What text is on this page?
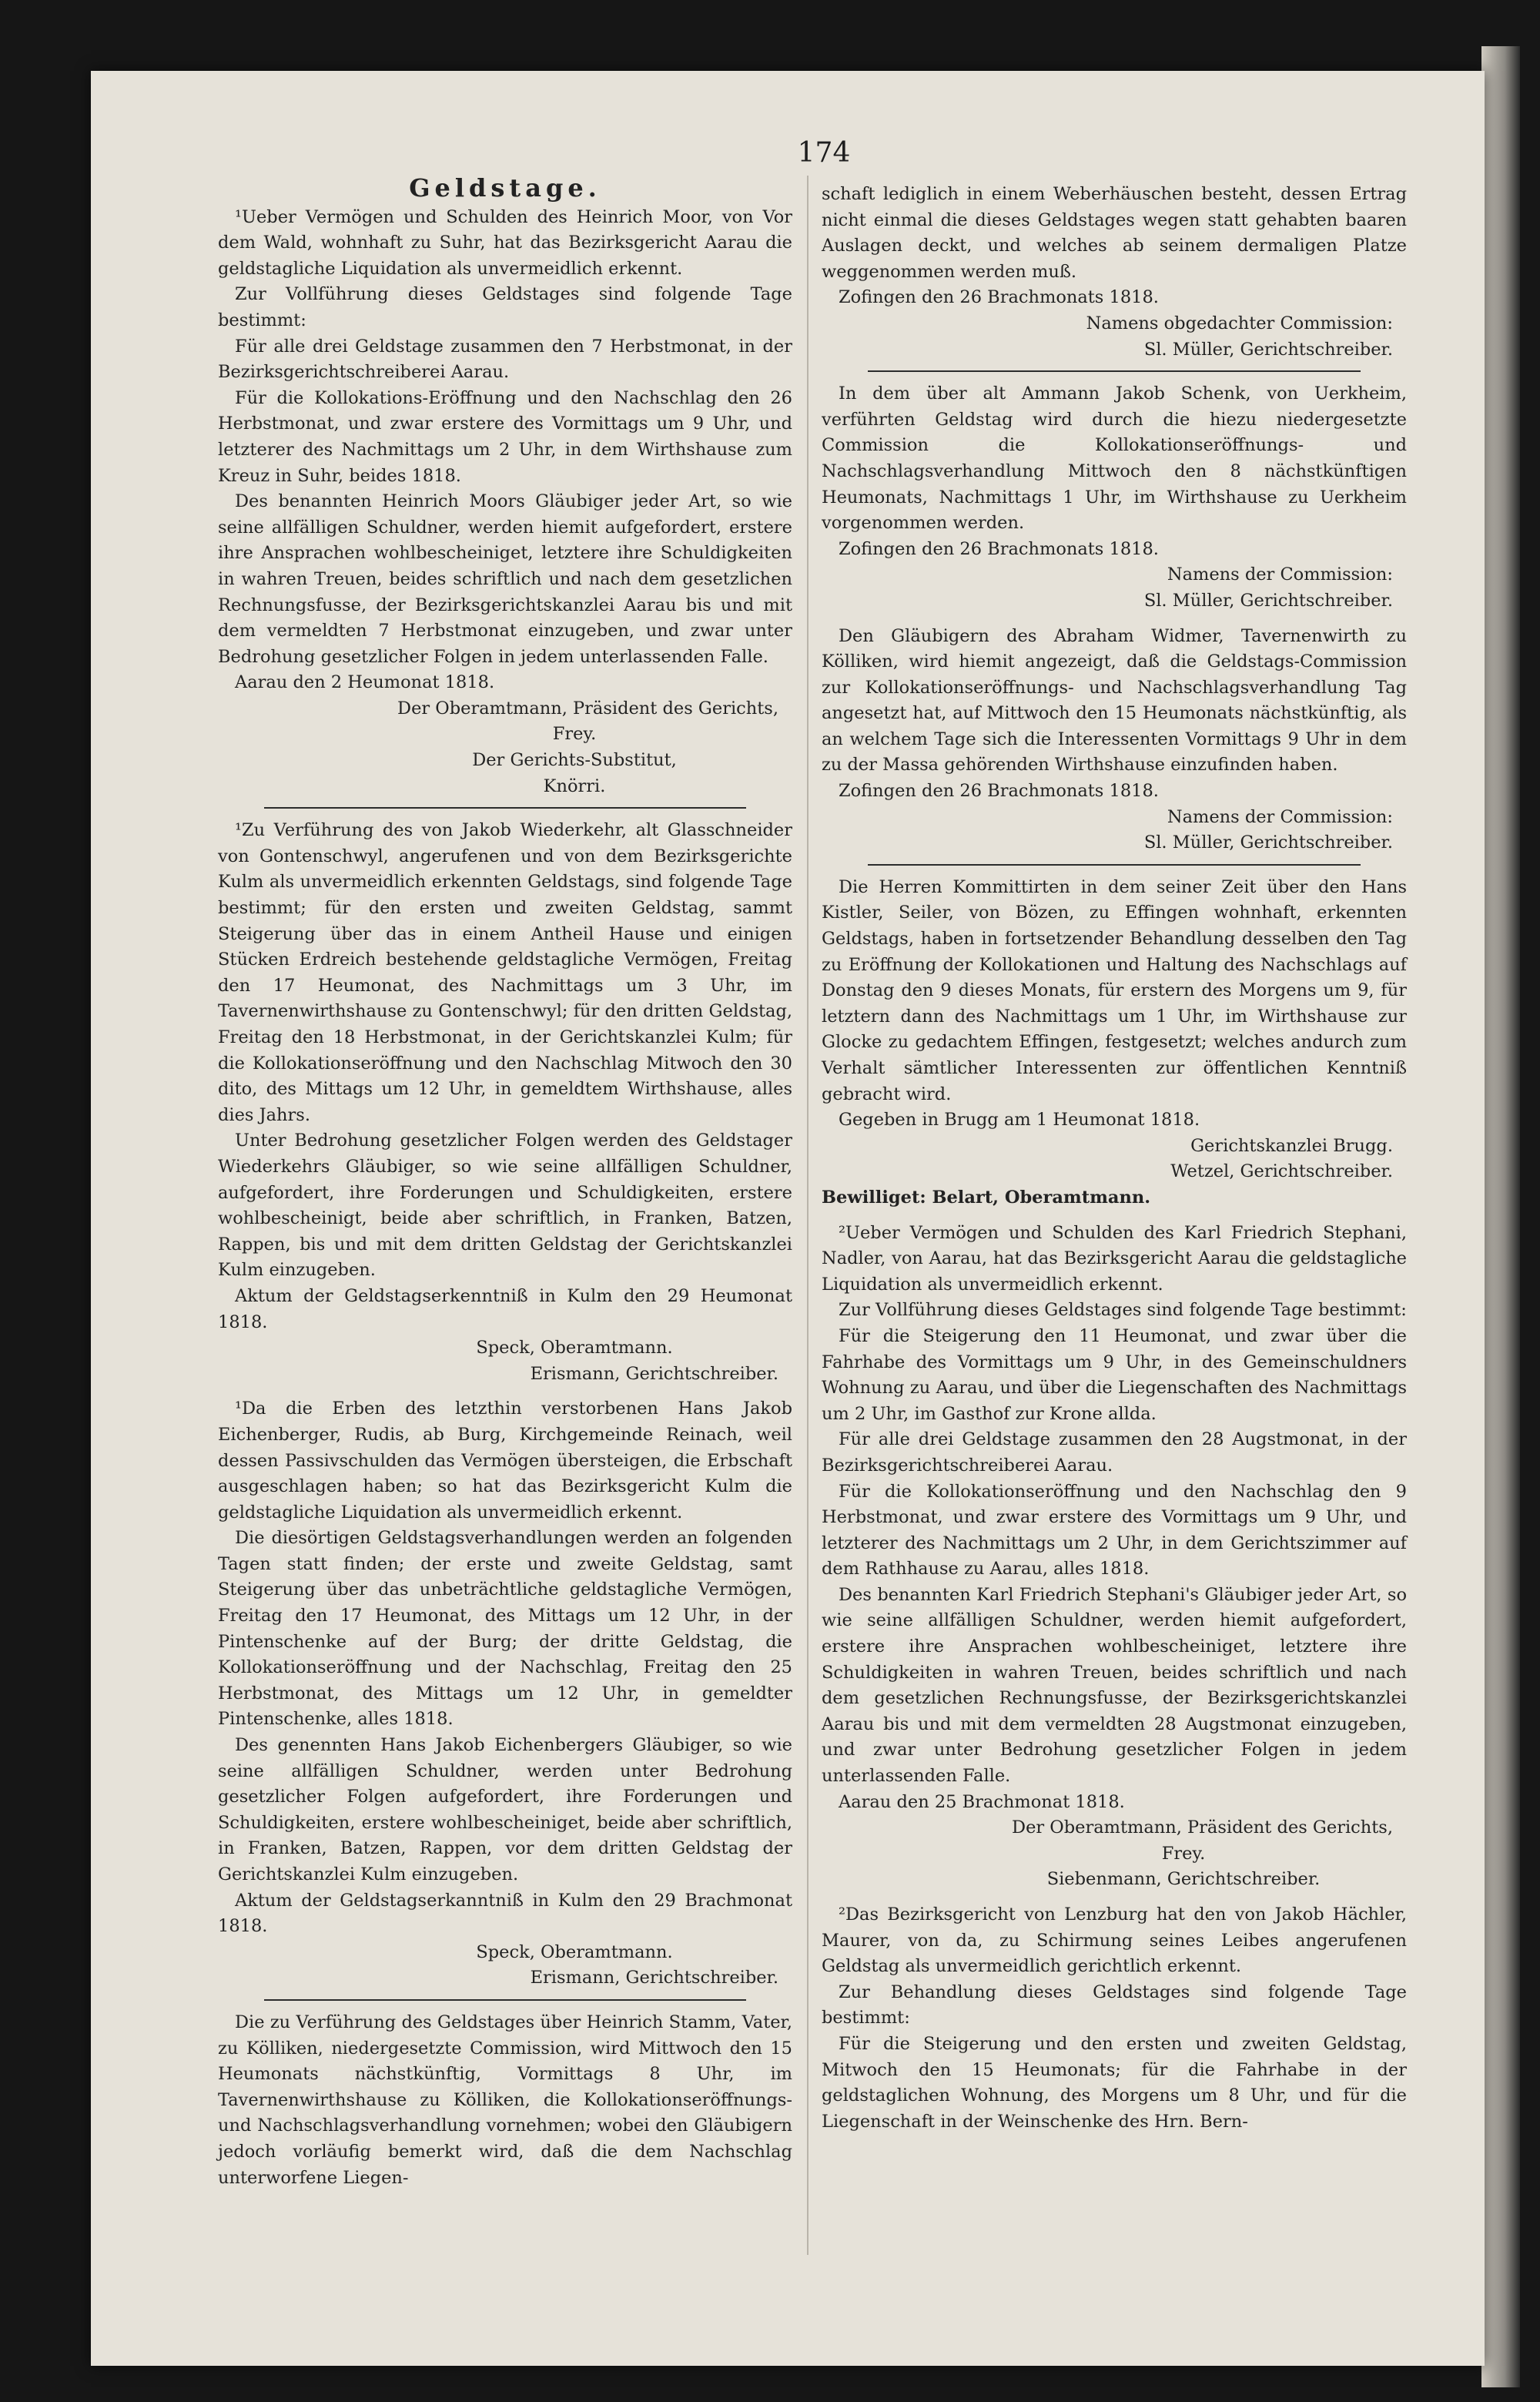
174

Geldstage.

¹Ueber Vermögen und Schulden des Heinrich Moor, von Vor dem Wald, wohnhaft zu Suhr, hat das Bezirksgericht Aarau die geldstagliche Liquidation als unvermeidlich erkennt.

Zur Vollführung dieses Geldstages sind folgende Tage bestimmt:

Für alle drei Geldstage zusammen den 7 Herbstmonat, in der Bezirksgerichtschreiberei Aarau.

Für die Kollokations-Eröffnung und den Nachschlag den 26 Herbstmonat, und zwar erstere des Vormittags um 9 Uhr, und letzterer des Nachmittags um 2 Uhr, in dem Wirthshause zum Kreuz in Suhr, beides 1818.

Des benannten Heinrich Moors Gläubiger jeder Art, so wie seine allfälligen Schuldner, werden hiemit aufgefordert, erstere ihre Ansprachen wohlbescheiniget, letztere ihre Schuldigkeiten in wahren Treuen, beides schriftlich und nach dem gesetzlichen Rechnungsfusse, der Bezirksgerichtskanzlei Aarau bis und mit dem vermeldten 7 Herbstmonat einzugeben, und zwar unter Bedrohung gesetzlicher Folgen in jedem unterlassenden Falle.

Aarau den 2 Heumonat 1818.

Der Oberamtmann, Präsident des Gerichts,

Frey.

Der Gerichts-Substitut,

Knörri.

¹Zu Verführung des von Jakob Wiederkehr, alt Glasschneider von Gontenschwyl, angerufenen und von dem Bezirksgerichte Kulm als unvermeidlich erkennten Geldstags, sind folgende Tage bestimmt; für den ersten und zweiten Geldstag, sammt Steigerung über das in einem Antheil Hause und einigen Stücken Erdreich bestehende geldstagliche Vermögen, Freitag den 17 Heumonat, des Nachmittags um 3 Uhr, im Tavernenwirthshause zu Gontenschwyl; für den dritten Geldstag, Freitag den 18 Herbstmonat, in der Gerichtskanzlei Kulm; für die Kollokationseröffnung und den Nachschlag Mitwoch den 30 dito, des Mittags um 12 Uhr, in gemeldtem Wirthshause, alles dies Jahrs.

Unter Bedrohung gesetzlicher Folgen werden des Geldstager Wiederkehrs Gläubiger, so wie seine allfälligen Schuldner, aufgefordert, ihre Forderungen und Schuldigkeiten, erstere wohlbescheinigt, beide aber schriftlich, in Franken, Batzen, Rappen, bis und mit dem dritten Geldstag der Gerichtskanzlei Kulm einzugeben.

Aktum der Geldstagserkenntniß in Kulm den 29 Heumonat 1818.

Speck, Oberamtmann.

Erismann, Gerichtschreiber.

¹Da die Erben des letzthin verstorbenen Hans Jakob Eichenberger, Rudis, ab Burg, Kirchgemeinde Reinach, weil dessen Passivschulden das Vermögen übersteigen, die Erbschaft ausgeschlagen haben; so hat das Bezirksgericht Kulm die geldstagliche Liquidation als unvermeidlich erkennt.

Die diesörtigen Geldstagsverhandlungen werden an folgenden Tagen statt finden; der erste und zweite Geldstag, samt Steigerung über das unbeträchtliche geldstagliche Vermögen, Freitag den 17 Heumonat, des Mittags um 12 Uhr, in der Pintenschenke auf der Burg; der dritte Geldstag, die Kollokationseröffnung und der Nachschlag, Freitag den 25 Herbstmonat, des Mittags um 12 Uhr, in gemeldter Pintenschenke, alles 1818.

Des genennten Hans Jakob Eichenbergers Gläubiger, so wie seine allfälligen Schuldner, werden unter Bedrohung gesetzlicher Folgen aufgefordert, ihre Forderungen und Schuldigkeiten, erstere wohlbescheiniget, beide aber schriftlich, in Franken, Batzen, Rappen, vor dem dritten Geldstag der Gerichtskanzlei Kulm einzugeben.

Aktum der Geldstagserkanntniß in Kulm den 29 Brachmonat 1818.

Speck, Oberamtmann.

Erismann, Gerichtschreiber.

Die zu Verführung des Geldstages über Heinrich Stamm, Vater, zu Kölliken, niedergesetzte Commission, wird Mittwoch den 15 Heumonats nächstkünftig, Vormittags 8 Uhr, im Tavernenwirthshause zu Kölliken, die Kollokationseröffnungs- und Nachschlagsverhandlung vornehmen; wobei den Gläubigern jedoch vorläufig bemerkt wird, daß die dem Nachschlag unterworfene Liegen-

schaft lediglich in einem Weberhäuschen besteht, dessen Ertrag nicht einmal die dieses Geldstages wegen statt gehabten baaren Auslagen deckt, und welches ab seinem dermaligen Platze weggenommen werden muß.

Zofingen den 26 Brachmonats 1818.

Namens obgedachter Commission:

Sl. Müller, Gerichtschreiber.

In dem über alt Ammann Jakob Schenk, von Uerkheim, verführten Geldstag wird durch die hiezu niedergesetzte Commission die Kollokationseröffnungs- und Nachschlagsverhandlung Mittwoch den 8 nächstkünftigen Heumonats, Nachmittags 1 Uhr, im Wirthshause zu Uerkheim vorgenommen werden.

Zofingen den 26 Brachmonats 1818.

Namens der Commission:

Sl. Müller, Gerichtschreiber.

Den Gläubigern des Abraham Widmer, Tavernenwirth zu Kölliken, wird hiemit angezeigt, daß die Geldstags-Commission zur Kollokationseröffnungs- und Nachschlagsverhandlung Tag angesetzt hat, auf Mittwoch den 15 Heumonats nächstkünftig, als an welchem Tage sich die Interessenten Vormittags 9 Uhr in dem zu der Massa gehörenden Wirthshause einzufinden haben.

Zofingen den 26 Brachmonats 1818.

Namens der Commission:

Sl. Müller, Gerichtschreiber.

Die Herren Kommittirten in dem seiner Zeit über den Hans Kistler, Seiler, von Bözen, zu Effingen wohnhaft, erkennten Geldstags, haben in fortsetzender Behandlung desselben den Tag zu Eröffnung der Kollokationen und Haltung des Nachschlags auf Donstag den 9 dieses Monats, für erstern des Morgens um 9, für letztern dann des Nachmittags um 1 Uhr, im Wirthshause zur Glocke zu gedachtem Effingen, festgesetzt; welches andurch zum Verhalt sämtlicher Interessenten zur öffentlichen Kenntniß gebracht wird.

Gegeben in Brugg am 1 Heumonat 1818.

Gerichtskanzlei Brugg.

Wetzel, Gerichtschreiber.

Bewilliget: Belart, Oberamtmann.

²Ueber Vermögen und Schulden des Karl Friedrich Stephani, Nadler, von Aarau, hat das Bezirksgericht Aarau die geldstagliche Liquidation als unvermeidlich erkennt.

Zur Vollführung dieses Geldstages sind folgende Tage bestimmt:

Für die Steigerung den 11 Heumonat, und zwar über die Fahrhabe des Vormittags um 9 Uhr, in des Gemeinschuldners Wohnung zu Aarau, und über die Liegenschaften des Nachmittags um 2 Uhr, im Gasthof zur Krone allda.

Für alle drei Geldstage zusammen den 28 Augstmonat, in der Bezirksgerichtschreiberei Aarau.

Für die Kollokationseröffnung und den Nachschlag den 9 Herbstmonat, und zwar erstere des Vormittags um 9 Uhr, und letzterer des Nachmittags um 2 Uhr, in dem Gerichtszimmer auf dem Rathhause zu Aarau, alles 1818.

Des benannten Karl Friedrich Stephani's Gläubiger jeder Art, so wie seine allfälligen Schuldner, werden hiemit aufgefordert, erstere ihre Ansprachen wohlbescheiniget, letztere ihre Schuldigkeiten in wahren Treuen, beides schriftlich und nach dem gesetzlichen Rechnungsfusse, der Bezirksgerichtskanzlei Aarau bis und mit dem vermeldten 28 Augstmonat einzugeben, und zwar unter Bedrohung gesetzlicher Folgen in jedem unterlassenden Falle.

Aarau den 25 Brachmonat 1818.

Der Oberamtmann, Präsident des Gerichts,

Frey.

Siebenmann, Gerichtschreiber.

²Das Bezirksgericht von Lenzburg hat den von Jakob Hächler, Maurer, von da, zu Schirmung seines Leibes angerufenen Geldstag als unvermeidlich gerichtlich erkennt.

Zur Behandlung dieses Geldstages sind folgende Tage bestimmt:

Für die Steigerung und den ersten und zweiten Geldstag, Mitwoch den 15 Heumonats; für die Fahrhabe in der geldstaglichen Wohnung, des Morgens um 8 Uhr, und für die Liegenschaft in der Weinschenke des Hrn. Bern-
